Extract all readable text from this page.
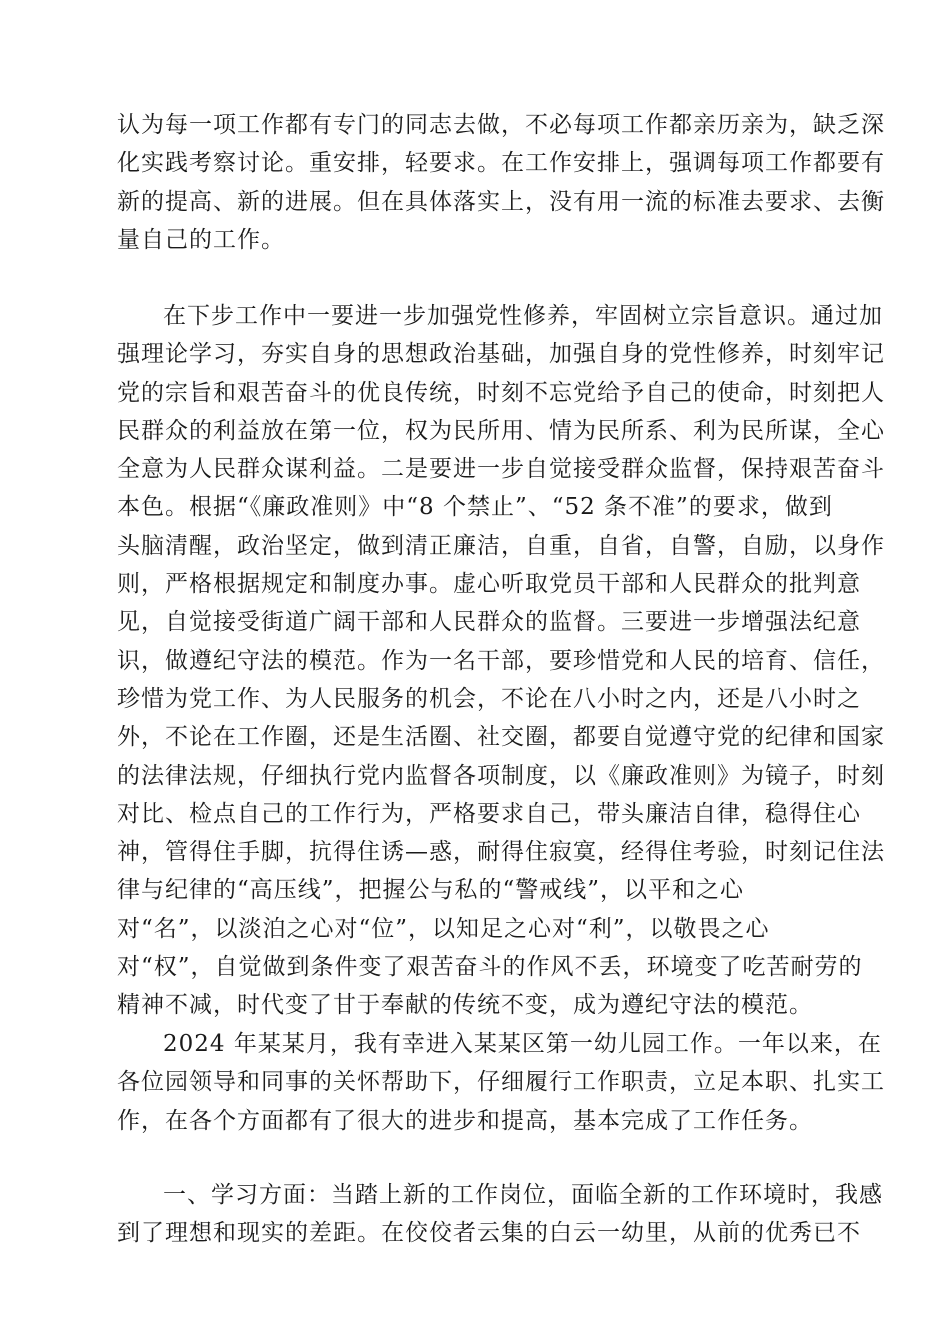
认为每一项工作都有专门的同志去做，不必每项工作都亲历亲为，缺乏深
化实践考察讨论。重安排，轻要求。在工作安排上，强调每项工作都要有
新的提高、新的进展。但在具体落实上，没有用一流的标准去要求、去衡
量自己的工作。
在下步工作中一要进一步加强党性修养，牢固树立宗旨意识。通过加
强理论学习，夯实自身的思想政治基础，加强自身的党性修养，时刻牢记
党的宗旨和艰苦奋斗的优良传统，时刻不忘党给予自己的使命，时刻把人
民群众的利益放在第一位，权为民所用、情为民所系、利为民所谋，全心
全意为人民群众谋利益。二是要进一步自觉接受群众监督，保持艰苦奋斗
本色。根据“《廉政准则》中“8 个禁止”、“52 条不准”的要求，做到
头脑清醒，政治坚定，做到清正廉洁，自重，自省，自警，自励，以身作
则，严格根据规定和制度办事。虚心听取党员干部和人民群众的批判意
见，自觉接受街道广阔干部和人民群众的监督。三要进一步增强法纪意
识，做遵纪守法的模范。作为一名干部，要珍惜党和人民的培育、信任，
珍惜为党工作、为人民服务的机会，不论在八小时之内，还是八小时之
外，不论在工作圈，还是生活圈、社交圈，都要自觉遵守党的纪律和国家
的法律法规，仔细执行党内监督各项制度，以《廉政准则》为镜子，时刻
对比、检点自己的工作行为，严格要求自己，带头廉洁自律，稳得住心
神，管得住手脚，抗得住诱—惑，耐得住寂寞，经得住考验，时刻记住法
律与纪律的“高压线”，把握公与私的“警戒线”，以平和之心
对“名”，以淡泊之心对“位”，以知足之心对“利”，以敬畏之心
对“权”，自觉做到条件变了艰苦奋斗的作风不丢，环境变了吃苦耐劳的
精神不减，时代变了甘于奉献的传统不变，成为遵纪守法的模范。
2024 年某某月，我有幸进入某某区第一幼儿园工作。一年以来，在
各位园领导和同事的关怀帮助下，仔细履行工作职责，立足本职、扎实工
作，在各个方面都有了很大的进步和提高，基本完成了工作任务。
一、学习方面：当踏上新的工作岗位，面临全新的工作环境时，我感
到了理想和现实的差距。在佼佼者云集的白云一幼里，从前的优秀已不
